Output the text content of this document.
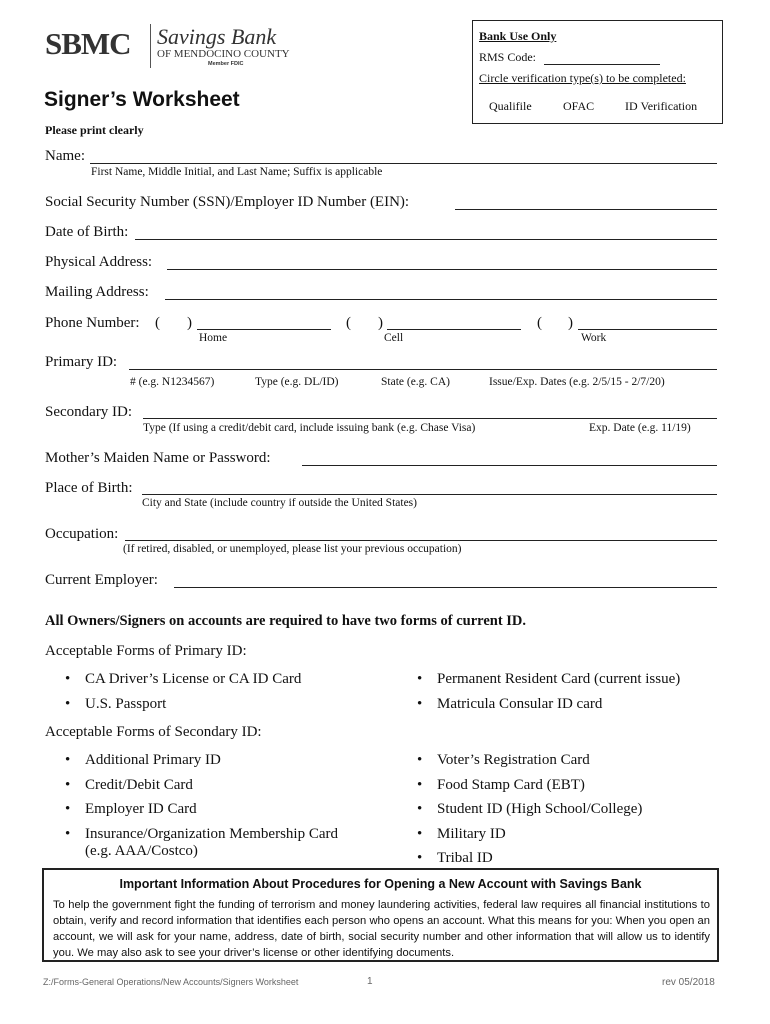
SBMC Savings Bank
OF MENDOCINO COUNTY
Member FDIC
Bank Use Only
RMS Code:
Circle verification type(s) to be completed:
Qualifile	OFAC	ID Verification
Signer’s Worksheet
Please print clearly
Name:
First Name, Middle Initial, and Last Name; Suffix is applicable
Social Security Number (SSN)/Employer ID Number (EIN):
Date of Birth:
Physical Address:
Mailing Address:
Phone Number: ( )
Home
( )
Cell
( )
Work
Primary ID:
# (e.g. N1234567)	Type (e.g. DL/ID)	State (e.g. CA)	Issue/Exp. Dates (e.g. 2/5/15 - 2/7/20)
Secondary ID:
Type (If using a credit/debit card, include issuing bank (e.g. Chase Visa)	Exp. Date (e.g. 11/19)
Mother’s Maiden Name or Password:
Place of Birth:
City and State (include country if outside the United States)
Occupation:
(If retired, disabled, or unemployed, please list your previous occupation)
Current Employer:
All Owners/Signers on accounts are required to have two forms of current ID.
Acceptable Forms of Primary ID:
• CA Driver’s License or CA ID Card
• U.S. Passport
• Permanent Resident Card (current issue)
• Matricula Consular ID card
Acceptable Forms of Secondary ID:
• Additional Primary ID
• Credit/Debit Card
• Employer ID Card
• Insurance/Organization Membership Card
(e.g. AAA/Costco)
• Voter’s Registration Card
• Food Stamp Card (EBT)
• Student ID (High School/College)
• Military ID
• Tribal ID
Important Information About Procedures for Opening a New Account with Savings Bank
To help the government fight the funding of terrorism and money laundering activities, federal law requires all financial institutions to obtain, verify and record information that identifies each person who opens an account. What this means for you: When you open an account, we will ask for your name, address, date of birth, social security number and other information that will allow us to identify you. We may also ask to see your driver’s license or other identifying documents.
Z:/Forms-General Operations/New Accounts/Signers Worksheet	1	rev 05/2018
